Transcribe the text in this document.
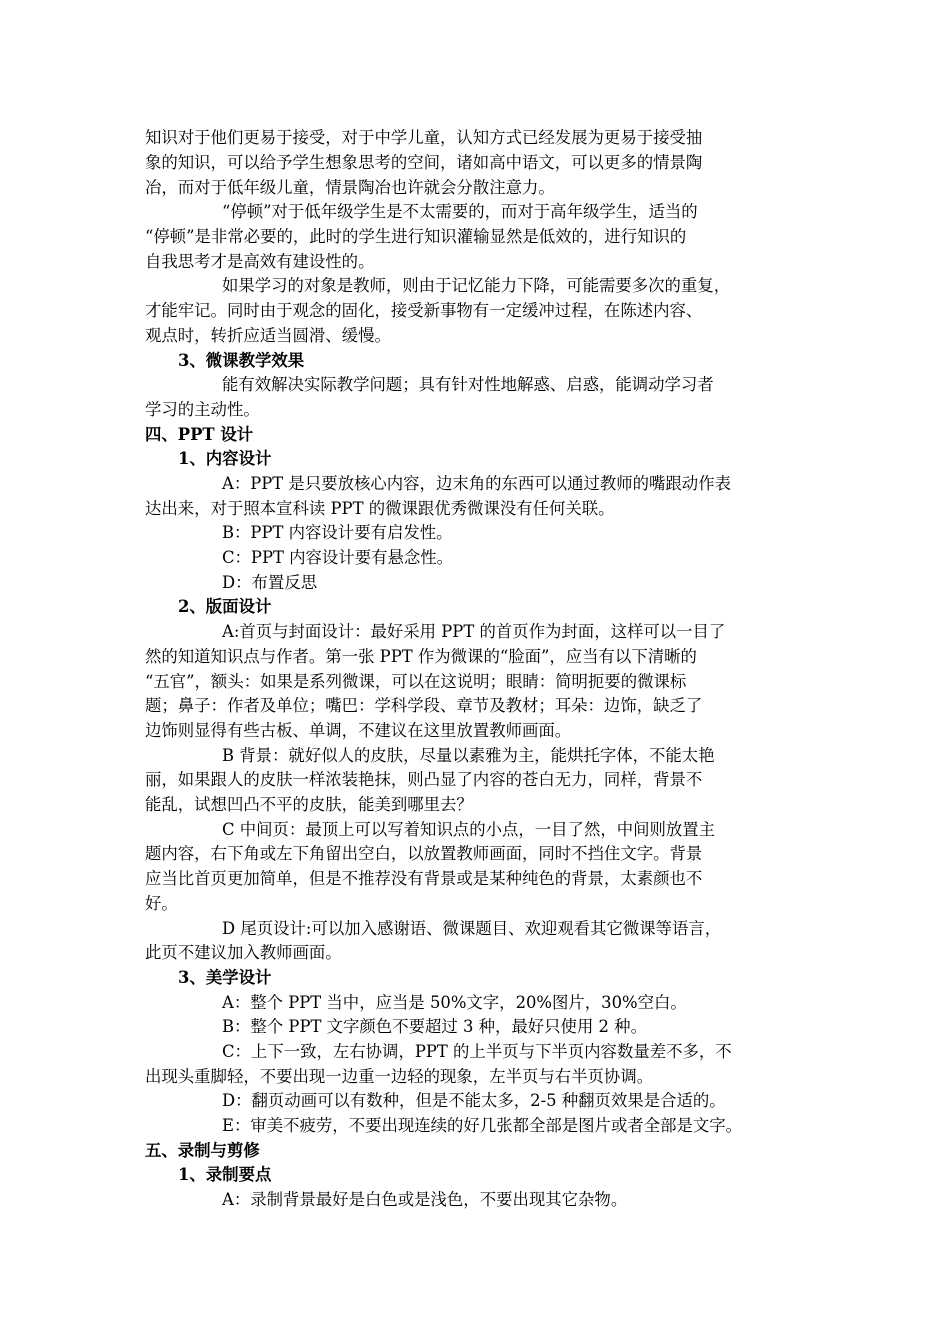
知识对于他们更易于接受，对于中学儿童，认知方式已经发展为更易于接受抽
象的知识，可以给予学生想象思考的空间，诸如高中语文，可以更多的情景陶
冶，而对于低年级儿童，情景陶冶也许就会分散注意力。
“停顿”对于低年级学生是不太需要的，而对于高年级学生，适当的
“停顿”是非常必要的，此时的学生进行知识灌输显然是低效的，进行知识的
自我思考才是高效有建设性的。
如果学习的对象是教师，则由于记忆能力下降，可能需要多次的重复，
才能牢记。同时由于观念的固化，接受新事物有一定缓冲过程，在陈述内容、
观点时，转折应适当圆滑、缓慢。
3、微课教学效果
能有效解决实际教学问题；具有针对性地解惑、启惑，能调动学习者
学习的主动性。
四、PPT 设计
1、内容设计
A：PPT 是只要放核心内容，边末角的东西可以通过教师的嘴跟动作表
达出来，对于照本宣科读 PPT 的微课跟优秀微课没有任何关联。
B：PPT 内容设计要有启发性。
C：PPT 内容设计要有悬念性。
D：布置反思
2、版面设计
A:首页与封面设计：最好采用 PPT 的首页作为封面，这样可以一目了
然的知道知识点与作者。第一张 PPT 作为微课的“脸面”，应当有以下清晰的
“五官”，额头：如果是系列微课，可以在这说明；眼睛：简明扼要的微课标
题；鼻子：作者及单位；嘴巴：学科学段、章节及教材；耳朵：边饰，缺乏了
边饰则显得有些古板、单调，不建议在这里放置教师画面。
B 背景：就好似人的皮肤，尽量以素雅为主，能烘托字体，不能太艳
丽，如果跟人的皮肤一样浓装艳抹，则凸显了内容的苍白无力，同样，背景不
能乱，试想凹凸不平的皮肤，能美到哪里去？
C 中间页：最顶上可以写着知识点的小点，一目了然，中间则放置主
题内容，右下角或左下角留出空白，以放置教师画面，同时不挡住文字。背景
应当比首页更加简单，但是不推荐没有背景或是某种纯色的背景，太素颜也不
好。
D 尾页设计:可以加入感谢语、微课题目、欢迎观看其它微课等语言，
此页不建议加入教师画面。
3、美学设计
A：整个 PPT 当中，应当是 50%文字，20%图片，30%空白。
B：整个 PPT 文字颜色不要超过 3 种，最好只使用 2 种。
C：上下一致，左右协调，PPT 的上半页与下半页内容数量差不多，不
出现头重脚轻，不要出现一边重一边轻的现象，左半页与右半页协调。
D：翻页动画可以有数种，但是不能太多，2-5 种翻页效果是合适的。
E：审美不疲劳，不要出现连续的好几张都全部是图片或者全部是文字。
五、录制与剪修
1、录制要点
A：录制背景最好是白色或是浅色，不要出现其它杂物。
